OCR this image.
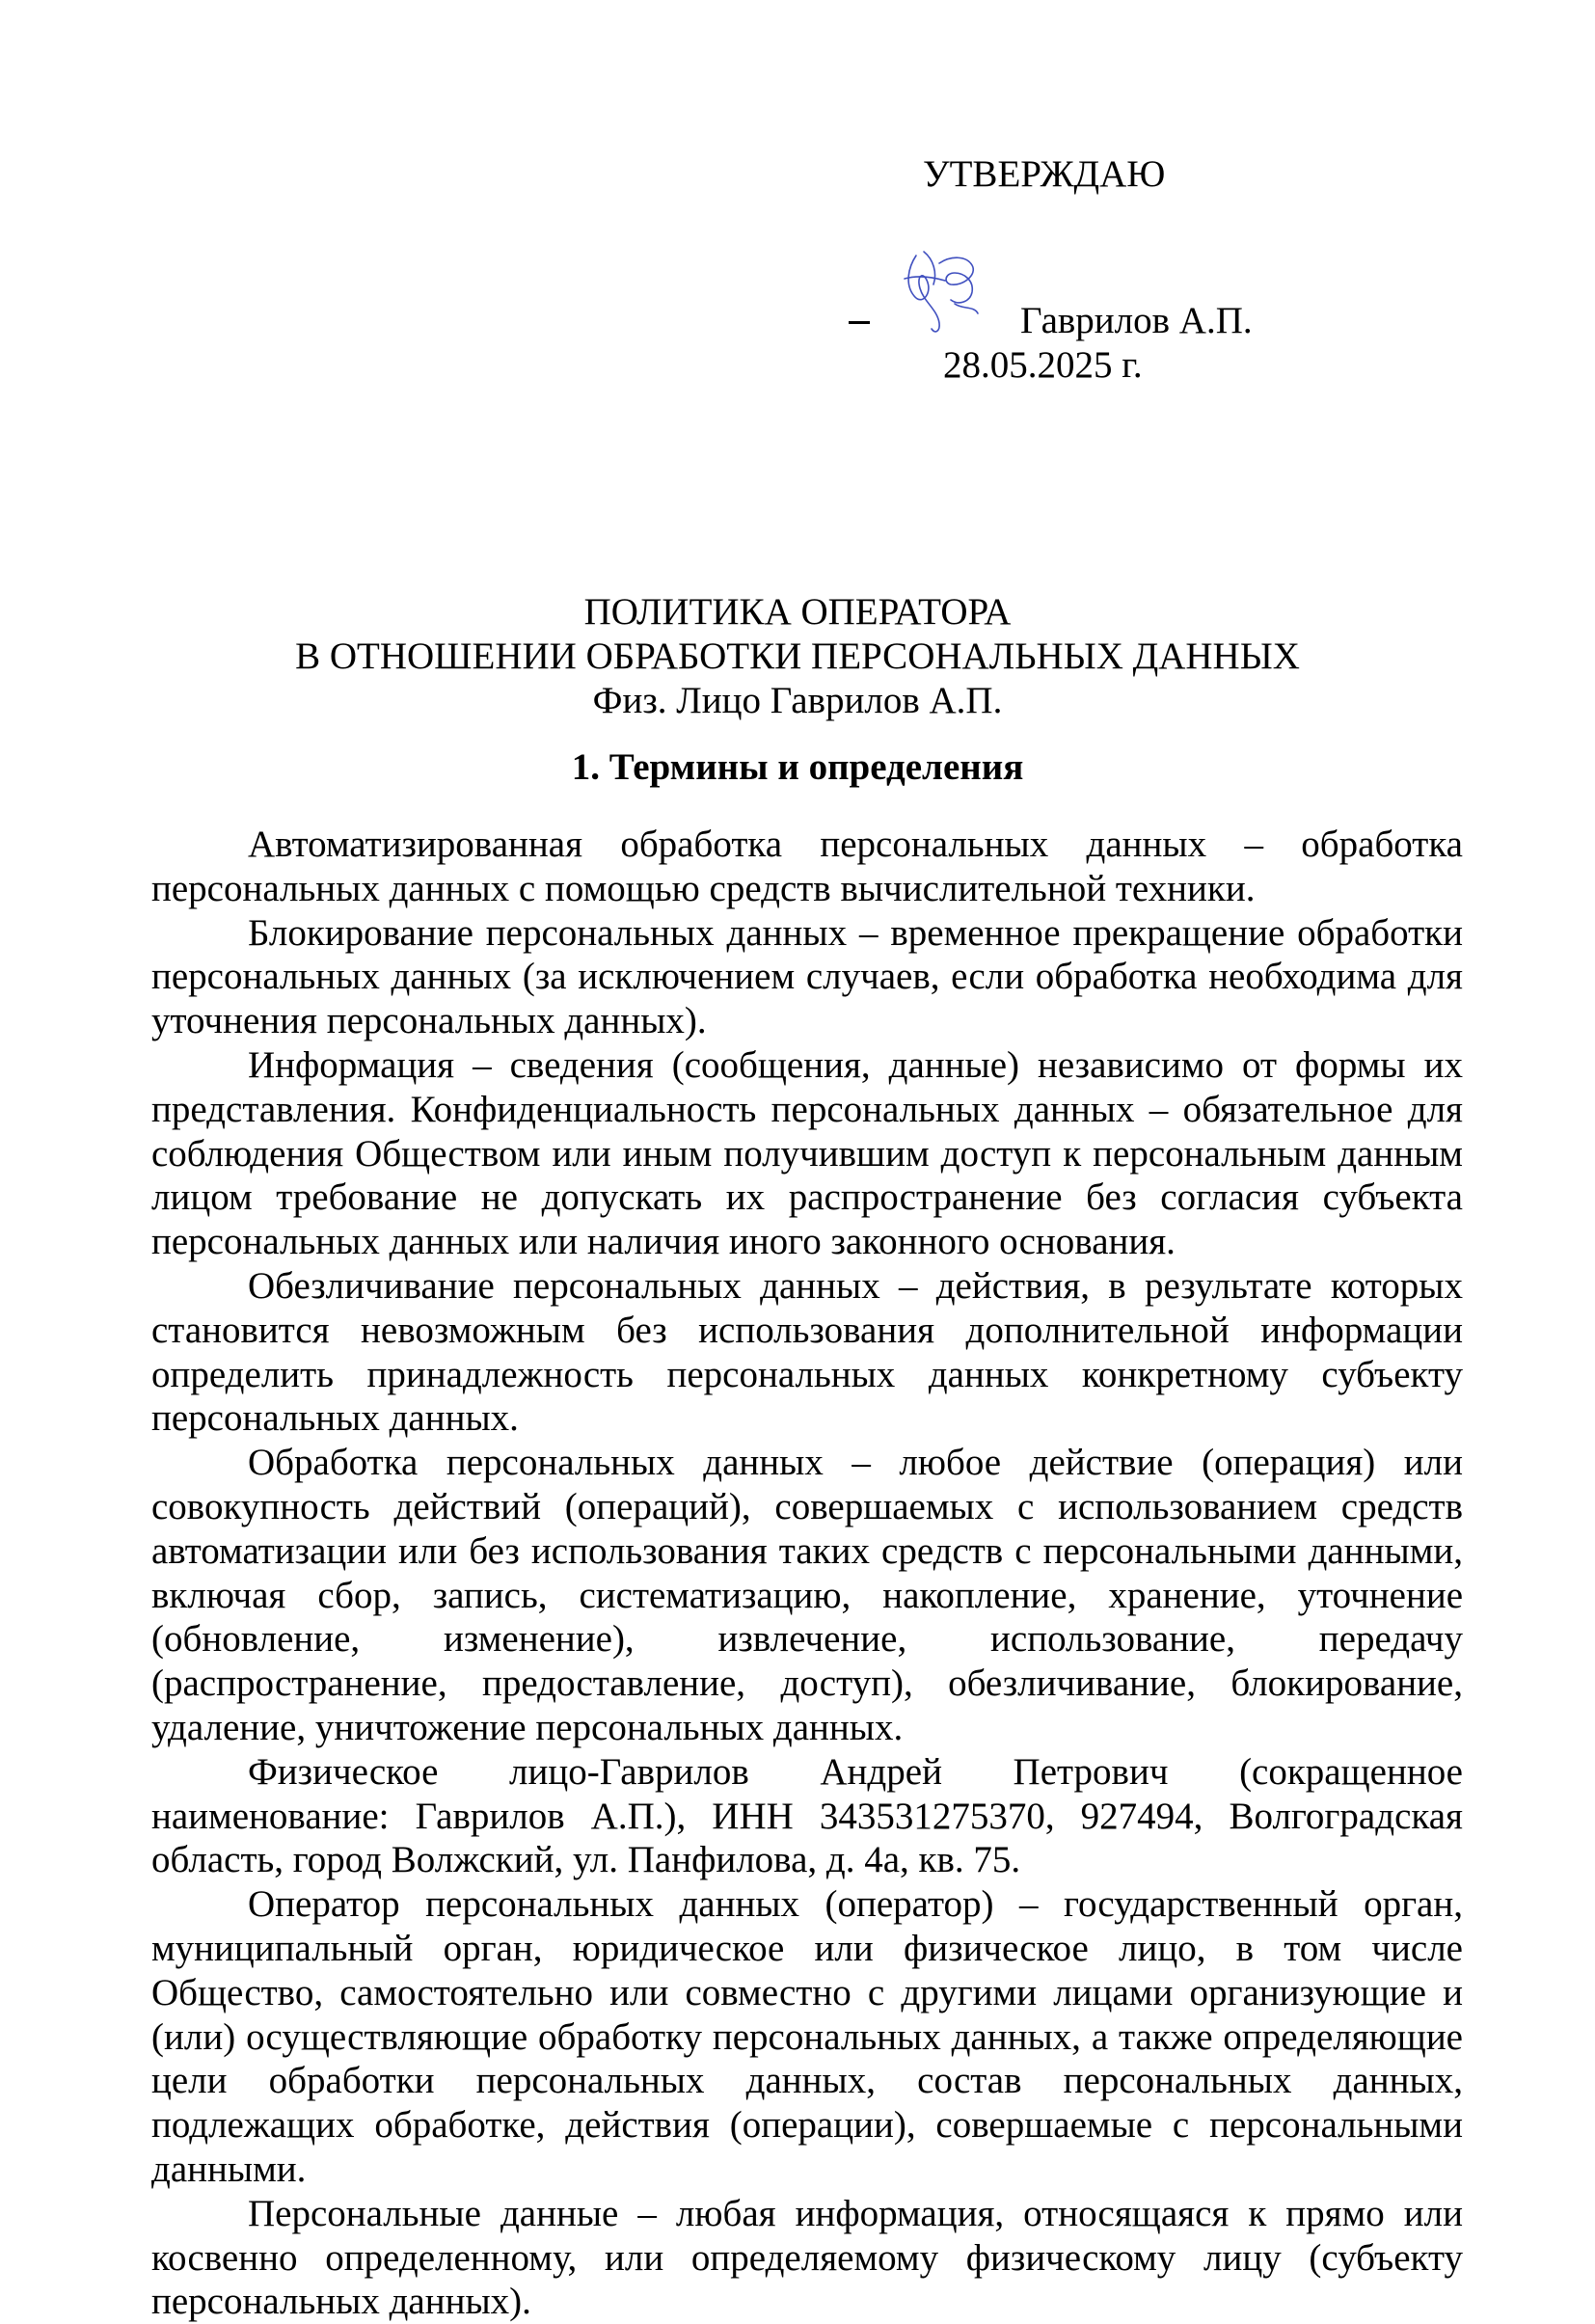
УТВЕРЖДАЮ
Гаврилов А.П.
28.05.2025 г.
ПОЛИТИКА ОПЕРАТОРА
В ОТНОШЕНИИ ОБРАБОТКИ ПЕРСОНАЛЬНЫХ ДАННЫХ
Физ. Лицо Гаврилов А.П.
1. Термины и определения

Автоматизированная обработка персональных данных – обработка персональных данных с помощью средств вычислительной техники.

Блокирование персональных данных – временное прекращение обработки персональных данных (за исключением случаев, если обработка необходима для уточнения персональных данных).

Информация – сведения (сообщения, данные) независимо от формы их представления. Конфиденциальность персональных данных – обязательное для соблюдения Обществом или иным получившим доступ к персональным данным лицом требование не допускать их распространение без согласия субъекта персональных данных или наличия иного законного основания.

Обезличивание персональных данных – действия, в результате которых становится невозможным без использования дополнительной информации определить принадлежность персональных данных конкретному субъекту персональных данных.

Обработка персональных данных – любое действие (операция) или совокупность действий (операций), совершаемых с использованием средств автоматизации или без использования таких средств с персональными данными, включая сбор, запись, систематизацию, накопление, хранение, уточнение (обновление, изменение), извлечение, использование, передачу (распространение, предоставление, доступ), обезличивание, блокирование, удаление, уничтожение персональных данных.

Физическое лицо-Гаврилов Андрей Петрович (сокращенное наименование: Гаврилов А.П.), ИНН 343531275370, 927494, Волгоградская область, город Волжский, ул. Панфилова, д. 4а, кв. 75.

Оператор персональных данных (оператор) – государственный орган, муниципальный орган, юридическое или физическое лицо, в том числе Общество, самостоятельно или совместно с другими лицами организующие и (или) осуществляющие обработку персональных данных, а также определяющие цели обработки персональных данных, состав персональных данных, подлежащих обработке, действия (операции), совершаемые с персональными данными.

Персональные данные – любая информация, относящаяся к прямо или косвенно определенному, или определяемому физическому лицу (субъекту персональных данных).
